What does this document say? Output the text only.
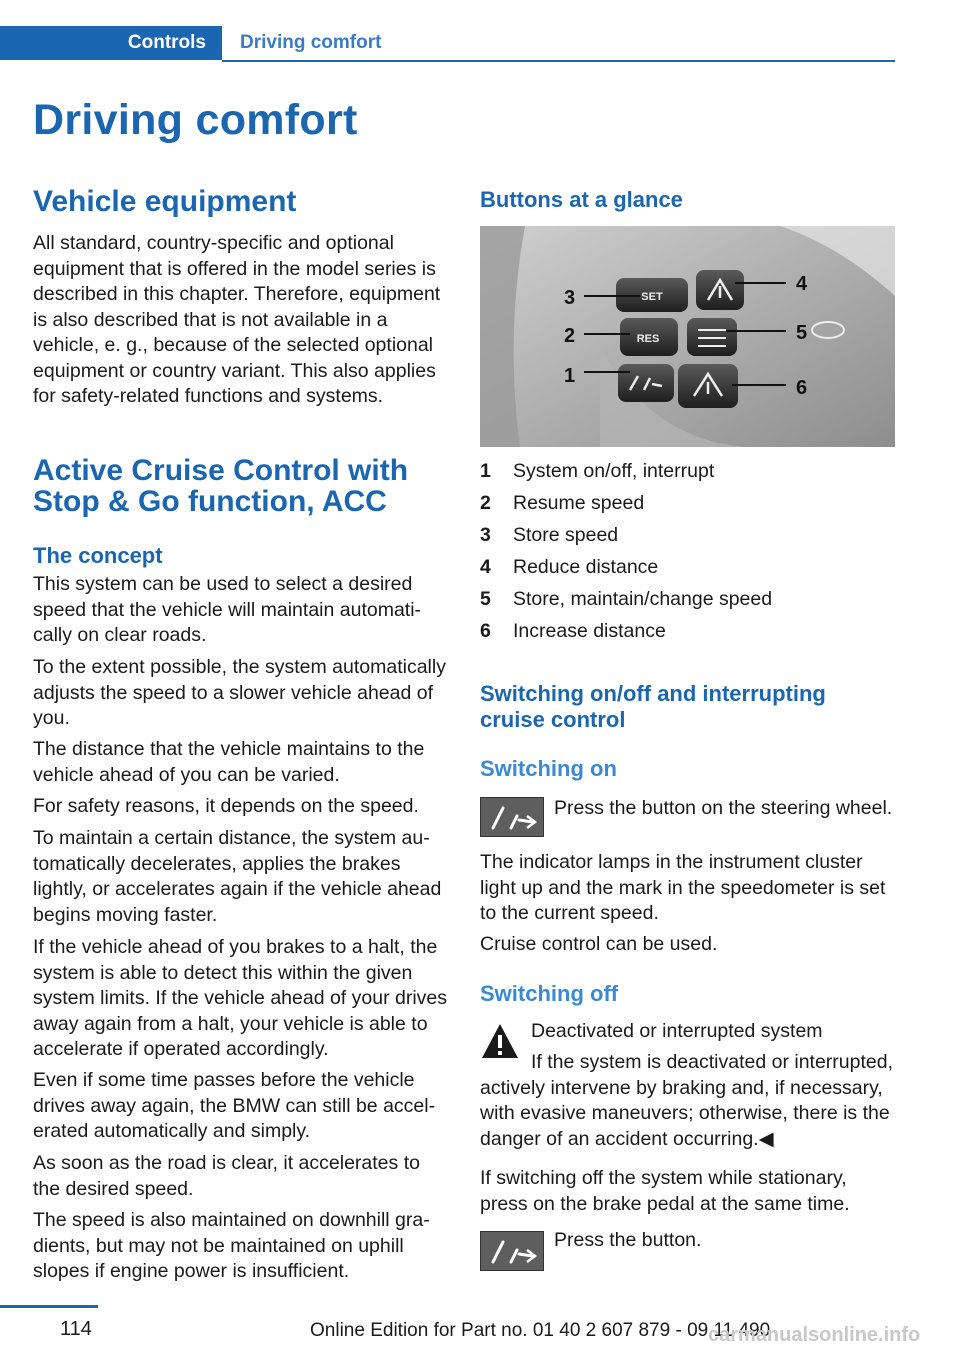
Controls Driving comfort
Driving comfort
Vehicle equipment
All standard, country-specific and optional equipment that is offered in the model series is described in this chapter. Therefore, equipment is also described that is not available in a vehicle, e. g., because of the selected optional equipment or country variant. This also applies for safety-related functions and systems.
Active Cruise Control with
Stop & Go function, ACC
The concept
This system can be used to select a desired speed that the vehicle will maintain automatically on clear roads.
To the extent possible, the system automatically adjusts the speed to a slower vehicle ahead of you.
The distance that the vehicle maintains to the vehicle ahead of you can be varied.
For safety reasons, it depends on the speed.
To maintain a certain distance, the system automatically decelerates, applies the brakes lightly, or accelerates again if the vehicle ahead begins moving faster.
If the vehicle ahead of you brakes to a halt, the system is able to detect this within the given system limits. If the vehicle ahead of your drives away again from a halt, your vehicle is able to accelerate if operated accordingly.
Even if some time passes before the vehicle drives away again, the BMW can still be accelerated automatically and simply.
As soon as the road is clear, it accelerates to the desired speed.
The speed is also maintained on downhill gradients, but may not be maintained on uphill slopes if engine power is insufficient.
Buttons at a glance
SET
RES
3
2
1
4
5
6
1 System on/off, interrupt
2 Resume speed
3 Store speed
4 Reduce distance
5 Store, maintain/change speed
6 Increase distance
Switching on/off and interrupting
cruise control
Switching on
Press the button on the steering wheel.
The indicator lamps in the instrument cluster light up and the mark in the speedometer is set to the current speed.
Cruise control can be used.
Switching off
Deactivated or interrupted system
If the system is deactivated or interrupted, actively intervene by braking and, if necessary, with evasive maneuvers; otherwise, there is the danger of an accident occurring.◀
If switching off the system while stationary, press on the brake pedal at the same time.
Press the button.
114	Online Edition for Part no. 01 40 2 607 879 - 09 11 490
carmanualsonline.info
